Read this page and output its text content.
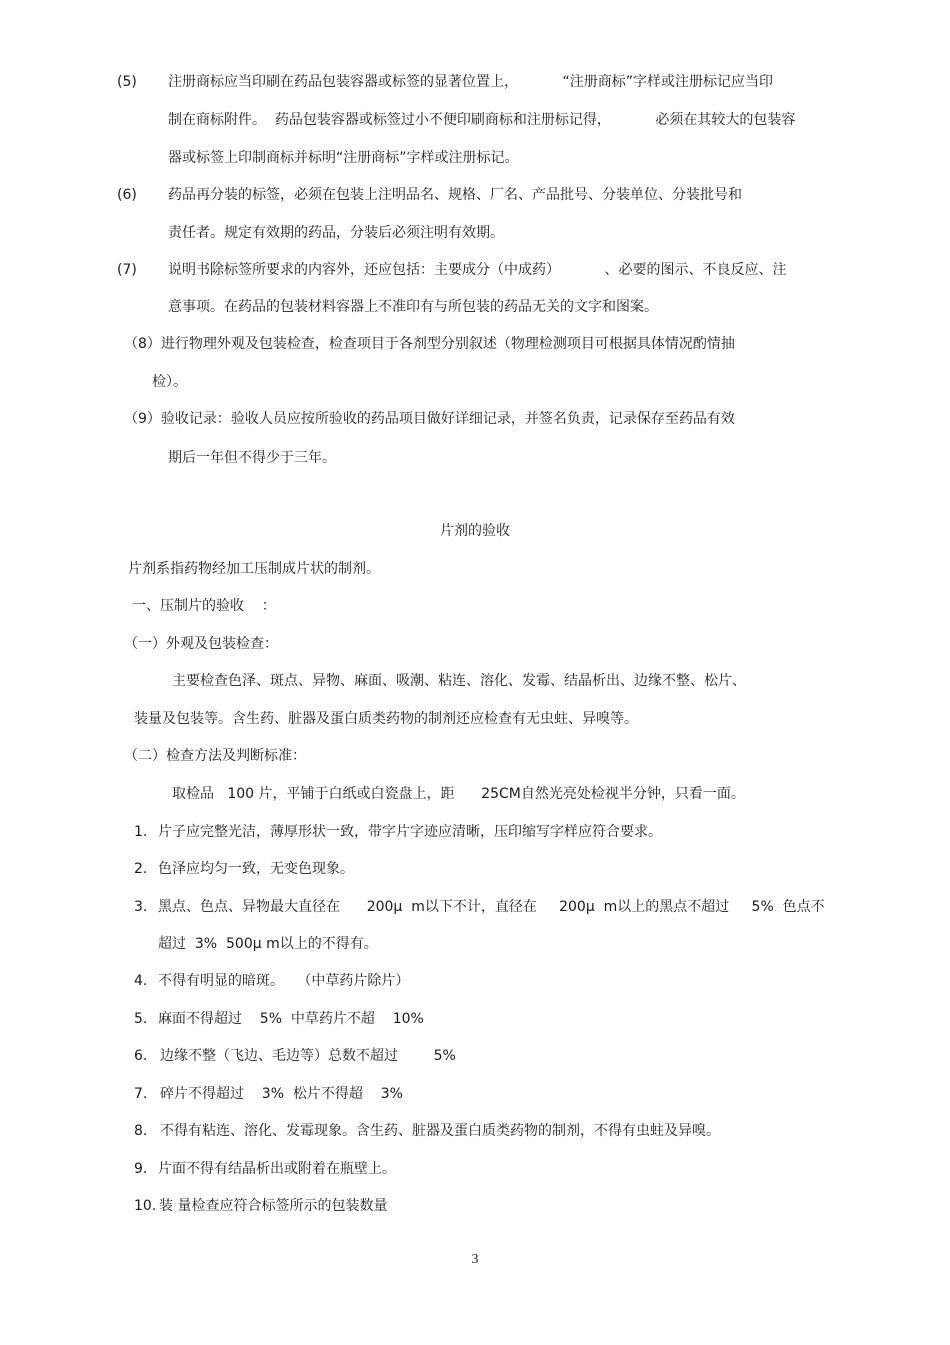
(5) 注册商标应当印刷在药品包装容器或标签的显著位置上，          “注册商标”字样或注册标记应当印
制在商标附件。  药品包装容器或标签过小不便印刷商标和注册标记得，          必须在其较大的包装容
器或标签上印制商标并标明“注册商标”字样或注册标记。
(6) 药品再分装的标签，必须在包装上注明品名、规格、厂名、产品批号、分装单位、分装批号和
责任者。规定有效期的药品，分装后必须注明有效期。
(7) 说明书除标签所要求的内容外，还应包括：主要成分（中成药）          、必要的图示、不良反应、注
意事项。在药品的包装材料容器上不准印有与所包装的药品无关的文字和图案。
（8）进行物理外观及包装检查，检查项目于各剂型分别叙述（物理检测项目可根据具体情况酌情抽
检）。
（9）验收记录：验收人员应按所验收的药品项目做好详细记录，并签名负责，记录保存至药品有效
期后一年但不得少于三年。
片剂的验收
片剂系指药物经加工压制成片状的制剂。
一、压制片的验收    ：
（一）外观及包装检查：
主要检查色泽、斑点、异物、麻面、吸潮、粘连、溶化、发霉、结晶析出、边缘不整、松片、
装量及包装等。含生药、脏器及蛋白质类药物的制剂还应检查有无虫蛀、异嗅等。
（二）检查方法及判断标准：
取检品   100 片，平铺于白纸或白瓷盘上，距      25CM自然光亮处检视半分钟，只看一面。
1. 片子应完整光洁，薄厚形状一致，带字片字迹应清晰，压印缩写字样应符合要求。
2. 色泽应均匀一致，无变色现象。
3. 黑点、色点、异物最大直径在      200μ  m以下不计，直径在     200μ  m以上的黑点不超过     5%  色点不
超过  3%  500μ m以上的不得有。
4. 不得有明显的暗斑。   （中草药片除片）
5. 麻面不得超过    5%  中草药片不超    10%
6. 边缘不整（飞边、毛边等）总数不超过        5%
7. 碎片不得超过    3%  松片不得超    3%
8. 不得有粘连、溶化、发霉现象。含生药、脏器及蛋白质类药物的制剂，不得有虫蛀及异嗅。
9. 片面不得有结晶析出或附着在瓶壁上。
10. 装 量检查应符合标签所示的包装数量
3
